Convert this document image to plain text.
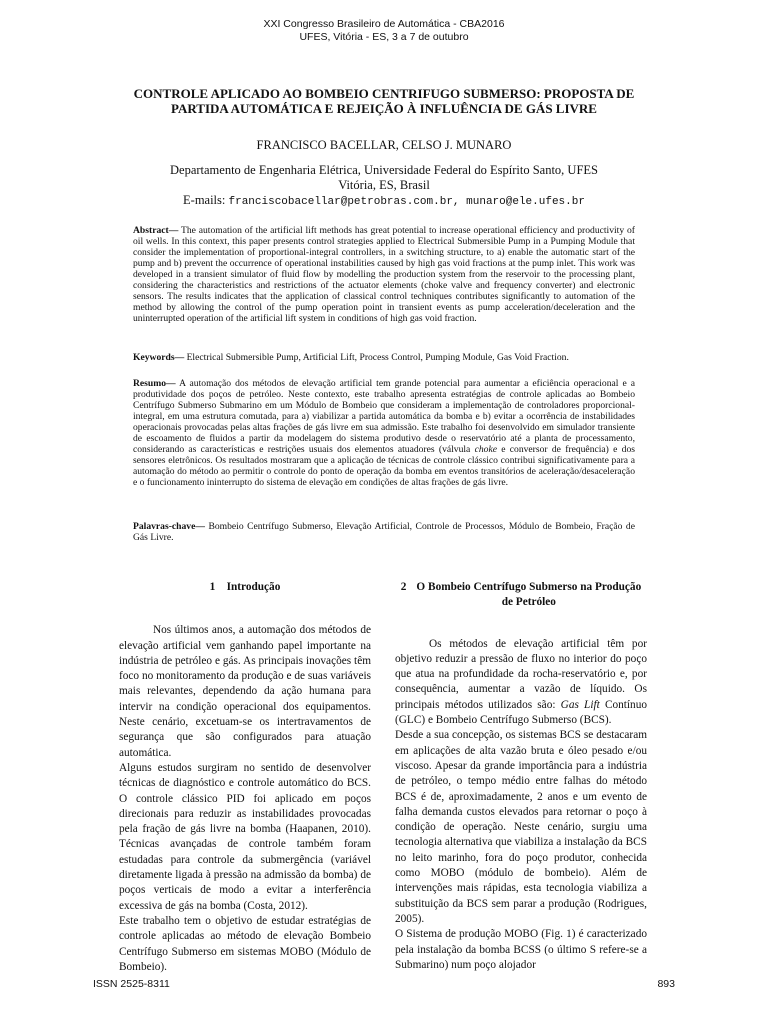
XXI Congresso Brasileiro de Automática - CBA2016
UFES, Vitória - ES, 3 a 7 de outubro
CONTROLE APLICADO AO BOMBEIO CENTRIFUGO SUBMERSO: PROPOSTA DE PARTIDA AUTOMÁTICA E REJEIÇÃO À INFLUÊNCIA DE GÁS LIVRE
FRANCISCO BACELLAR, CELSO J. MUNARO
Departamento de Engenharia Elétrica, Universidade Federal do Espírito Santo, UFES
Vitória, ES, Brasil
E-mails: franciscobacellar@petrobras.com.br, munaro@ele.ufes.br
Abstract— The automation of the artificial lift methods has great potential to increase operational efficiency and productivity of oil wells. In this context, this paper presents control strategies applied to Electrical Submersible Pump in a Pumping Module that consider the implementation of proportional-integral controllers, in a switching structure, to a) enable the automatic start of the pump and b) prevent the occurrence of operational instabilities caused by high gas void fractions at the pump inlet. This work was developed in a transient simulator of fluid flow by modelling the production system from the reservoir to the processing plant, considering the characteristics and restrictions of the actuator elements (choke valve and frequency converter) and electronic sensors. The results indicates that the application of classical control techniques contributes significantly to automation of the method by allowing the control of the pump operation point in transient events as pump acceleration/deceleration and the uninterrupted operation of the artificial lift system in conditions of high gas void fraction.
Keywords— Electrical Submersible Pump, Artificial Lift, Process Control, Pumping Module, Gas Void Fraction.
Resumo— A automação dos métodos de elevação artificial tem grande potencial para aumentar a eficiência operacional e a produtividade dos poços de petróleo. Neste contexto, este trabalho apresenta estratégias de controle aplicadas ao Bombeio Centrífugo Submerso Submarino em um Módulo de Bombeio que consideram a implementação de controladores proporcional-integral, em uma estrutura comutada, para a) viabilizar a partida automática da bomba e b) evitar a ocorrência de instabilidades operacionais provocadas pelas altas frações de gás livre em sua admissão. Este trabalho foi desenvolvido em simulador transiente de escoamento de fluidos a partir da modelagem do sistema produtivo desde o reservatório até a planta de processamento, considerando as características e restrições usuais dos elementos atuadores (válvula choke e conversor de frequência) e dos sensores eletrônicos. Os resultados mostraram que a aplicação de técnicas de controle clássico contribui significativamente para a automação do método ao permitir o controle do ponto de operação da bomba em eventos transitórios de aceleração/desaceleração e o funcionamento ininterrupto do sistema de elevação em condições de altas frações de gás livre.
Palavras-chave— Bombeio Centrífugo Submerso, Elevação Artificial, Controle de Processos, Módulo de Bombeio, Fração de Gás Livre.
1 Introdução

Nos últimos anos, a automação dos métodos de elevação artificial vem ganhando papel importante na indústria de petróleo e gás. As principais inovações têm foco no monitoramento da produção e de suas variáveis mais relevantes, dependendo da ação humana para intervir na condição operacional dos equipamentos. Neste cenário, excetuam-se os intertravamentos de segurança que são configurados para atuação automática.

Alguns estudos surgiram no sentido de desenvolver técnicas de diagnóstico e controle automático do BCS. O controle clássico PID foi aplicado em poços direcionais para reduzir as instabilidades provocadas pela fração de gás livre na bomba (Haapanen, 2010). Técnicas avançadas de controle também foram estudadas para controle da submergência (variável diretamente ligada à pressão na admissão da bomba) de poços verticais de modo a evitar a interferência excessiva de gás na bomba (Costa, 2012).

Este trabalho tem o objetivo de estudar estratégias de controle aplicadas ao método de elevação Bombeio Centrífugo Submerso em sistemas MOBO (Módulo de Bombeio).

2 O Bombeio Centrífugo Submerso na Produção
de Petróleo

Os métodos de elevação artificial têm por objetivo reduzir a pressão de fluxo no interior do poço que atua na profundidade da rocha-reservatório e, por consequência, aumentar a vazão de líquido. Os principais métodos utilizados são: Gas Lift Contínuo (GLC) e Bombeio Centrífugo Submerso (BCS).

Desde a sua concepção, os sistemas BCS se destacaram em aplicações de alta vazão bruta e óleo pesado e/ou viscoso. Apesar da grande importância para a indústria de petróleo, o tempo médio entre falhas do método BCS é de, aproximadamente, 2 anos e um evento de falha demanda custos elevados para retornar o poço à condição de operação. Neste cenário, surgiu uma tecnologia alternativa que viabiliza a instalação da BCS no leito marinho, fora do poço produtor, conhecida como MOBO (módulo de bombeio). Além de intervenções mais rápidas, esta tecnologia viabiliza a substituição da BCS sem parar a produção (Rodrigues, 2005).

O Sistema de produção MOBO (Fig. 1) é caracterizado pela instalação da bomba BCSS (o último S refere-se a Submarino) num poço alojador

ISSN 2525-8311	893
